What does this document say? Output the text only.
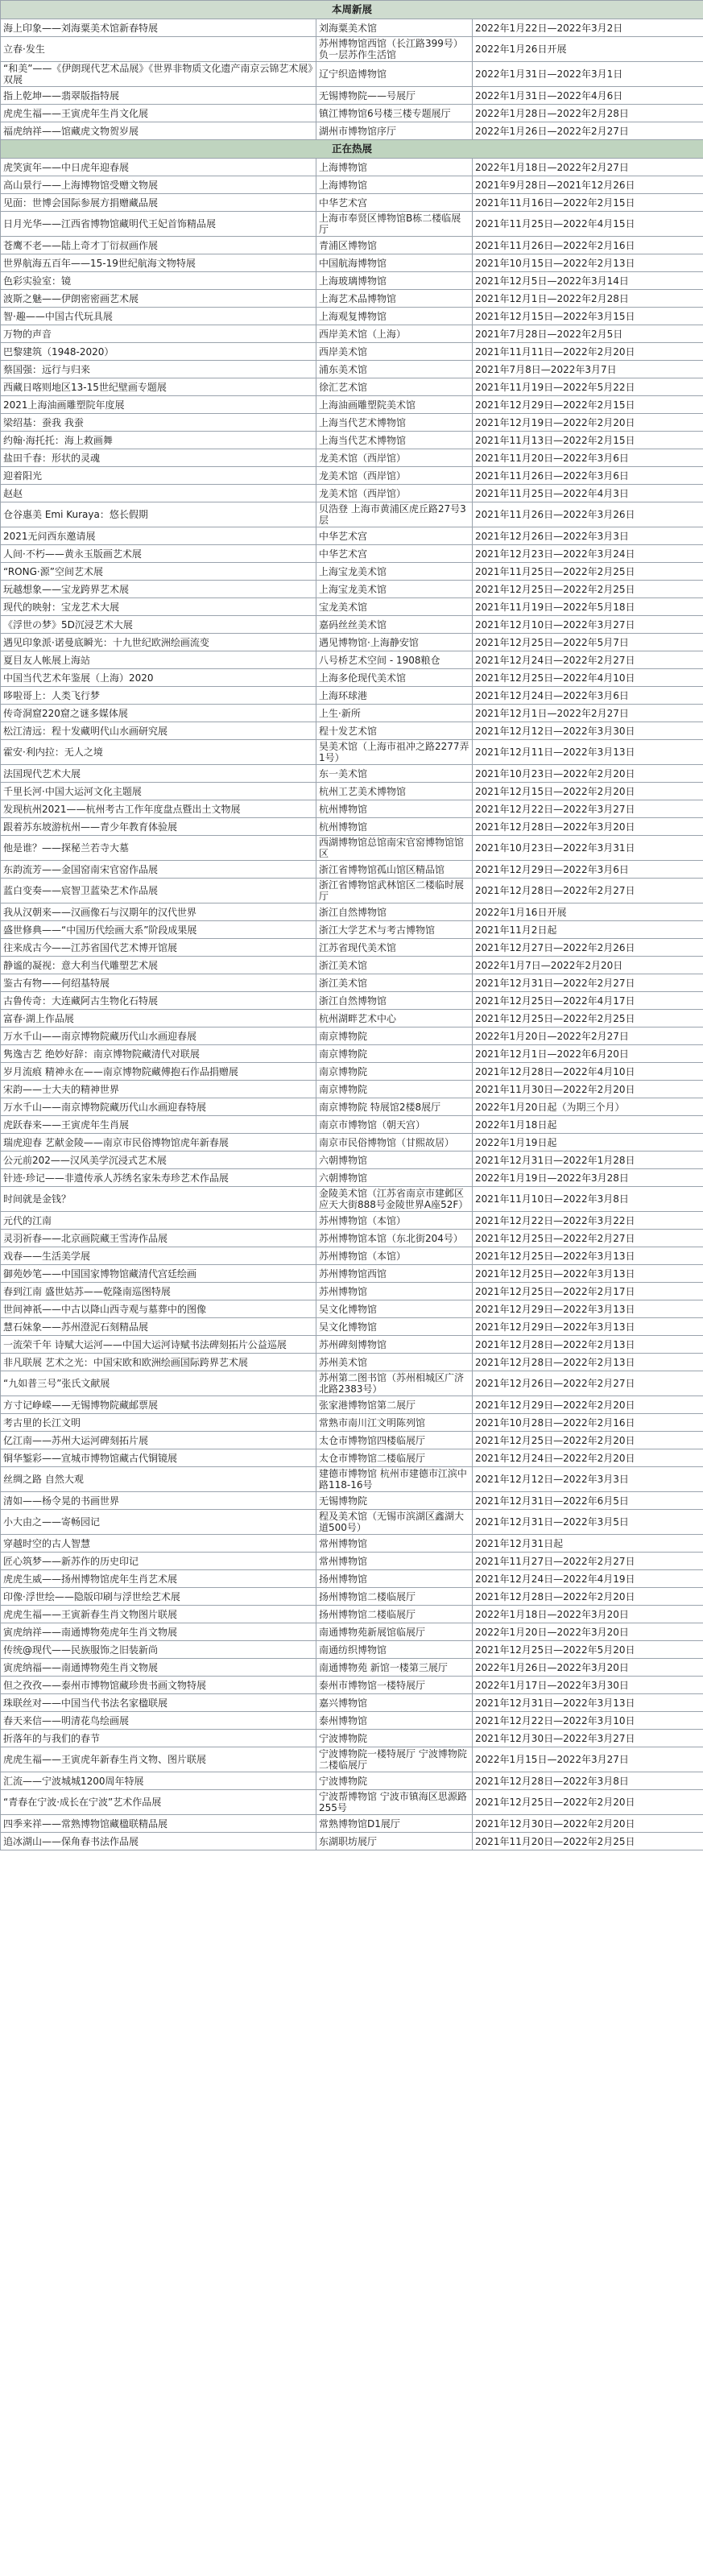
本周新展		
海上印象——刘海粟美术馆新春特展	刘海粟美术馆	2022年1月22日—2022年3月2日
立春·发生	苏州博物馆西馆（长江路399号）负一层苏作生活馆	2022年1月26日开展
“和美”——《伊朗现代艺术品展》《世界非物质文化遗产南京云锦艺术展》双展	辽宁织造博物馆	2022年1月31日—2022年3月1日
指上乾坤——翡翠版指特展	无锡博物院——号展厅	2022年1月31日—2022年4月6日
虎虎生福——王寅虎年生肖文化展	镇江博物馆6号楼三楼专题展厅	2022年1月28日—2022年2月28日
福虎纳祥——馆藏虎文物贺岁展	湖州市博物馆序厅	2022年1月26日—2022年2月27日
正在热展		
虎笑寅年——中日虎年迎春展	上海博物馆	2022年1月18日—2022年2月27日
高山景行——上海博物馆受赠文物展	上海博物馆	2021年9月28日—2021年12月26日
见面：世博会国际参展方捐赠藏品展	中华艺术宫	2021年11月16日—2022年2月15日
日月光华——江西省博物馆藏明代王妃首饰精品展	上海市奉贤区博物馆B栋二楼临展厅	2021年11月25日—2022年4月15日
苍鹰不老——陆上奇才丁衍叔画作展	青浦区博物馆	2021年11月26日—2022年2月16日
世界航海五百年——15-19世纪航海文物特展	中国航海博物馆	2021年10月15日—2022年2月13日
色彩实验室：镜	上海玻璃博物馆	2021年12月5日—2022年3月14日
波斯之魅——伊朗密密画艺术展	上海艺术品博物馆	2021年12月1日—2022年2月28日
智·趣——中国古代玩具展	上海观复博物馆	2021年12月15日—2022年3月15日
万物的声音	西岸美术馆（上海）	2021年7月28日—2022年2月5日
巴黎建筑（1948-2020）	西岸美术馆	2021年11月11日—2022年2月20日
蔡国强：远行与归来	浦东美术馆	2021年7月8日—2022年3月7日
西藏日喀则地区13-15世纪壁画专题展	徐汇艺术馆	2021年11月19日—2022年5月22日
2021上海油画雕塑院年度展	上海油画雕塑院美术馆	2021年12月29日—2022年2月15日
梁绍基：蚕我 我蚕	上海当代艺术博物馆	2021年12月19日—2022年2月20日
约翰·海托托：海上救画舞	上海当代艺术博物馆	2021年11月13日—2022年2月15日
盐田千春：形状的灵魂	龙美术馆（西岸馆）	2021年11月20日—2022年3月6日
迎着阳光	龙美术馆（西岸馆）	2021年11月26日—2022年3月6日
赵赵	龙美术馆（西岸馆）	2021年11月25日—2022年4月3日
仓谷惠美 Emi Kuraya：悠长假期	贝浩登 上海市黄浦区虎丘路27号3层	2021年11月26日—2022年3月26日
2021无问西东邀请展	中华艺术宫	2021年12月26日—2022年3月3日
人间·不朽——黄永玉版画艺术展	中华艺术宫	2021年12月23日—2022年3月24日
“RONG·源”空间艺术展	上海宝龙美术馆	2021年11月25日—2022年2月25日
玩越想象——宝龙跨界艺术展	上海宝龙美术馆	2021年12月25日—2022年2月25日
现代的映射：宝龙艺术大展	宝龙美术馆	2021年11月19日—2022年5月18日
《浮世の梦》5D沉浸艺术大展	嘉码丝丝美术馆	2021年12月10日—2022年3月27日
遇见印象派·诺曼底瞬光：十九世纪欧洲绘画流变	遇见博物馆·上海静安馆	2021年12月25日—2022年5月7日
夏目友人帐展上海站	八号桥艺术空间 - 1908粮仓	2021年12月24日—2022年2月27日
中国当代艺术年鉴展（上海）2020	上海多伦现代美术馆	2021年12月25日—2022年4月10日
哆啦哥上：人类飞行梦	上海环球港	2021年12月24日—2022年3月6日
传奇洞窟220窟之谜多媒体展	上生·新所	2021年12月1日—2022年2月27日
松江清远：程十发藏明代山水画研究展	程十发艺术馆	2021年12月12日—2022年3月30日
霍安·利内拉：无人之境	昊美术馆（上海市祖冲之路2277弄1号）	2021年12月11日—2022年3月13日
法国现代艺术大展	东一美术馆	2021年10月23日—2022年2月20日
千里长河·中国大运河文化主题展	杭州工艺美术博物馆	2021年12月15日—2022年2月20日
发现杭州2021——杭州考古工作年度盘点暨出土文物展	杭州博物馆	2021年12月22日—2022年3月27日
跟着苏东坡游杭州——青少年教育体验展	杭州博物馆	2021年12月28日—2022年3月20日
他是谁？——探秘兰若寺大墓	西湖博物馆总馆南宋官窑博物馆馆区	2021年10月23日—2022年3月31日
东韵流芳——金国窑南宋官窑作品展	浙江省博物馆孤山馆区精品馆	2021年12月29日—2022年3月6日
蓝白变奏——宸智卫蓝染艺术作品展	浙江省博物馆武林馆区二楼临时展厅	2021年12月28日—2022年2月27日
我从汉朝来——汉画像石与汉期年的汉代世界	浙江自然博物馆	2022年1月16日开展
盛世修典——“中国历代绘画大系”阶段成果展	浙江大学艺术与考古博物馆	2021年11月2日起
往来成古今——江苏省国代艺术博开馆展	江苏省现代美术馆	2021年12月27日—2022年2月26日
静谧的凝视：意大利当代雕塑艺术展	浙江美术馆	2022年1月7日—2022年2月20日
鉴古有物——何绍基特展	浙江美术馆	2021年12月31日—2022年2月27日
古鲁传奇：大连藏阿古生物化石特展	浙江自然博物馆	2021年12月25日—2022年4月17日
富春·湖上作品展	杭州湖畔艺术中心	2021年12月25日—2022年2月25日
万水千山——南京博物院藏历代山水画迎春展	南京博物院	2022年1月20日—2022年2月27日
隽逸吉艺 绝妙好辞：南京博物院藏清代对联展	南京博物院	2021年12月1日—2022年6月20日
岁月流痕 精神永在——南京博物院藏傅抱石作品捐赠展	南京博物院	2021年12月28日—2022年4月10日
宋韵——士大夫的精神世界	南京博物院	2021年11月30日—2022年2月20日
万水千山——南京博物院藏历代山水画迎春特展	南京博物院 特展馆2楼8展厅	2022年1月20日起（为期三个月）
虎跃春来——王寅虎年生肖展	南京市博物馆（朝天宫）	2022年1月18日起
瑞虎迎春 艺献金陵——南京市民俗博物馆虎年新春展	南京市民俗博物馆（甘熙故居）	2022年1月19日起
公元前202——汉风美学沉浸式艺术展	六朝博物馆	2021年12月31日—2022年1月28日
针迹·珍记——非遗传承人苏绣名家朱寿珍艺术作品展	六朝博物馆	2022年1月19日—2022年3月28日
时间就是金钱？	金陵美术馆（江苏省南京市建邺区应天大街888号金陵世界A座52F）	2021年11月10日—2022年3月8日
元代的江南	苏州博物馆（本馆）	2021年12月22日—2022年3月22日
灵羽祈春——北京画院藏王雪涛作品展	苏州博物馆本馆（东北街204号）	2021年12月25日—2022年2月27日
戏春——生活美学展	苏州博物馆（本馆）	2021年12月25日—2022年3月13日
御苑妙笔——中国国家博物馆藏清代宫廷绘画	苏州博物馆西馆	2021年12月25日—2022年3月13日
春到江南 盛世姑苏——乾隆南巡图特展	苏州博物馆	2021年12月25日—2022年2月17日
世间神祇——中古以降山西寺观与墓葬中的图像	吴文化博物馆	2021年12月29日—2022年3月13日
慧石妹象——苏州澄泥石刻精品展	吴文化博物馆	2021年12月29日—2022年3月13日
一流荣千年 诗赋大运河——中国大运河诗赋书法碑刻拓片公益巡展	苏州碑刻博物馆	2021年12月28日—2022年2月13日
非凡联展 艺术之光：中国宋欧和欧洲绘画国际跨界艺术展	苏州美术馆	2021年12月28日—2022年2月13日
“九如普三号”张氏文献展	苏州第二图书馆（苏州相城区广济北路2383号）	2021年12月26日—2022年2月27日
方寸记峥嵘——无锡博物院藏邮票展	张家港博物馆第二展厅	2021年12月29日—2022年2月20日
考古里的长江文明	常熟市南川江文明陈列馆	2021年10月28日—2022年2月16日
亿江南——苏州大运河碑刻拓片展	太仓市博物馆四楼临展厅	2021年12月25日—2022年2月20日
铜华錾彩——宣城市博物馆藏古代铜镜展	太仓市博物馆二楼临展厅	2021年12月24日—2022年2月20日
丝绸之路 自然大观	建德市博物馆 杭州市建德市江滨中路118-16号	2021年12月12日—2022年3月3日
清如——杨令晃的书画世界	无锡博物院	2021年12月31日—2022年6月5日
小大由之——寄畅园记	程及美术馆（无锡市滨湖区鑫湖大道500号）	2021年12月31日—2022年3月5日
穿越时空的古人智慧	常州博物馆	2021年12月31日起
匠心筑梦——新苏作的历史印记	常州博物馆	2021年11月27日—2022年2月27日
虎虎生威——扬州博物馆虎年生肖艺术展	扬州博物馆	2021年12月24日—2022年4月19日
印像·浮世绘——隐版印刷与浮世绘艺术展	扬州博物馆二楼临展厅	2021年12月28日—2022年2月20日
虎虎生福——王寅新春生肖文物图片联展	扬州博物馆二楼临展厅	2022年1月18日—2022年3月20日
寅虎纳祥——南通博物苑虎年生肖文物展	南通博物苑新展馆临展厅	2022年1月20日—2022年3月20日
传统@现代——民族服饰之旧装新尚	南通纺织博物馆	2021年12月25日—2022年5月20日
寅虎纳福——南通博物苑生肖文物展	南通博物苑 新馆一楼第三展厅	2022年1月26日—2022年3月20日
但之孜孜——泰州市博物馆藏珍贵书画文物特展	泰州市博物馆一楼特展厅	2022年1月17日—2022年3月30日
珠联丝对——中国当代书法名家楹联展	嘉兴博物馆	2021年12月31日—2022年3月13日
春天来信——明清花鸟绘画展	泰州博物馆	2021年12月22日—2022年3月10日
折落年的与我们的春节	宁波博物院	2021年12月30日—2022年3月27日
虎虎生福——王寅虎年新春生肖文物、图片联展	宁波博物院一楼特展厅 宁波博物院二楼临展厅	2022年1月15日—2022年3月27日
汇流——宁波城城1200周年特展	宁波博物院	2021年12月28日—2022年3月8日
“青春在宁波·成长在宁波”艺术作品展	宁波帮博物馆 宁波市镇海区思源路255号	2021年12月25日—2022年2月20日
四季来祥——常熟博物馆藏楹联精品展	常熟博物馆D1展厅	2021年12月30日—2022年2月20日
追冰湖山——保角春书法作品展	东湖职坊展厅	2021年11月20日—2022年2月25日
